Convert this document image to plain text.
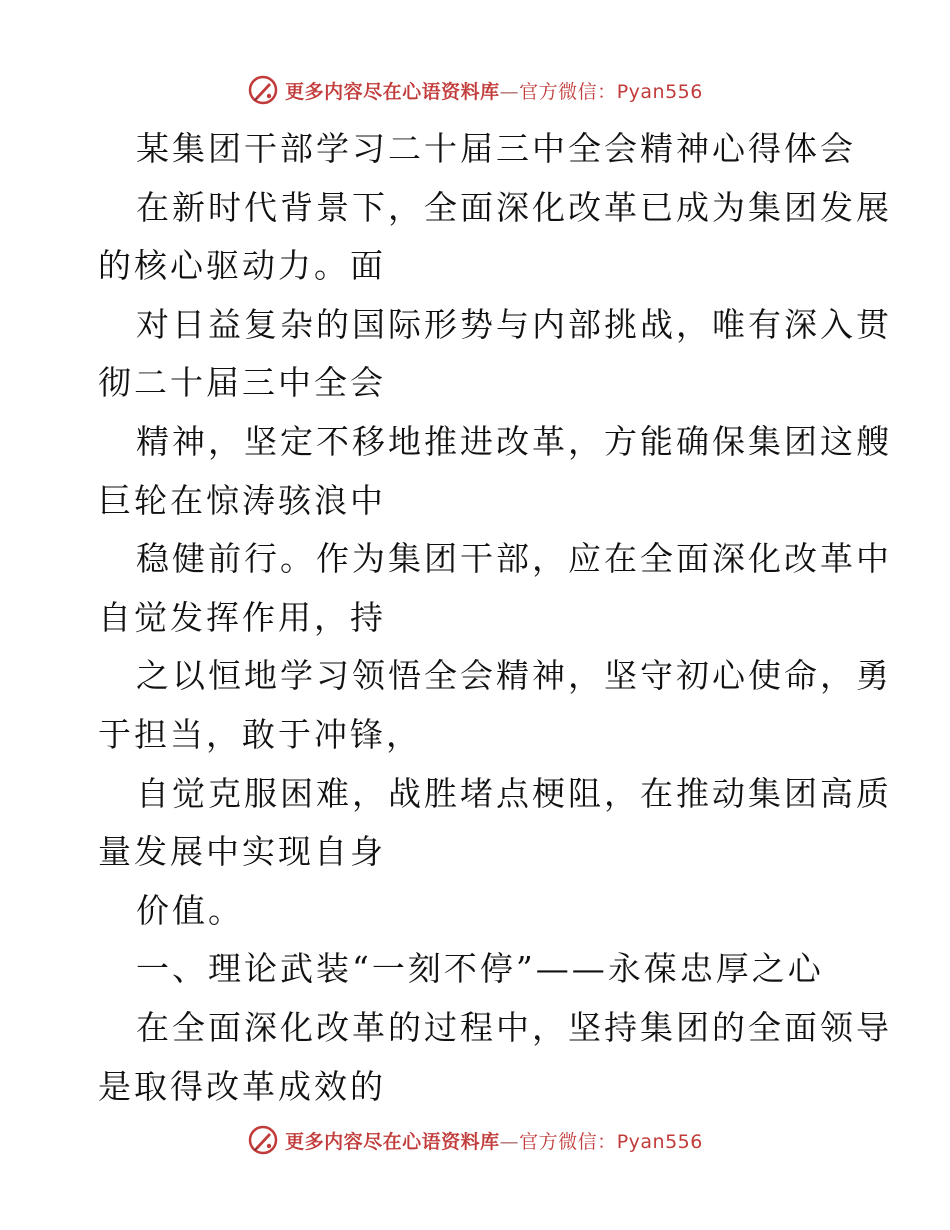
更多内容尽在心语资料库—官方微信：Pyan556
某集团干部学习二十届三中全会精神心得体会
在新时代背景下，全面深化改革已成为集团发展
的核心驱动力。面
对日益复杂的国际形势与内部挑战，唯有深入贯
彻二十届三中全会
精神，坚定不移地推进改革，方能确保集团这艘
巨轮在惊涛骇浪中
稳健前行。作为集团干部，应在全面深化改革中
自觉发挥作用，持
之以恒地学习领悟全会精神，坚守初心使命，勇
于担当，敢于冲锋，
自觉克服困难，战胜堵点梗阻，在推动集团高质
量发展中实现自身
价值。
一、理论武装“一刻不停”——永葆忠厚之心
在全面深化改革的过程中，坚持集团的全面领导
是取得改革成效的
更多内容尽在心语资料库—官方微信：Pyan556
